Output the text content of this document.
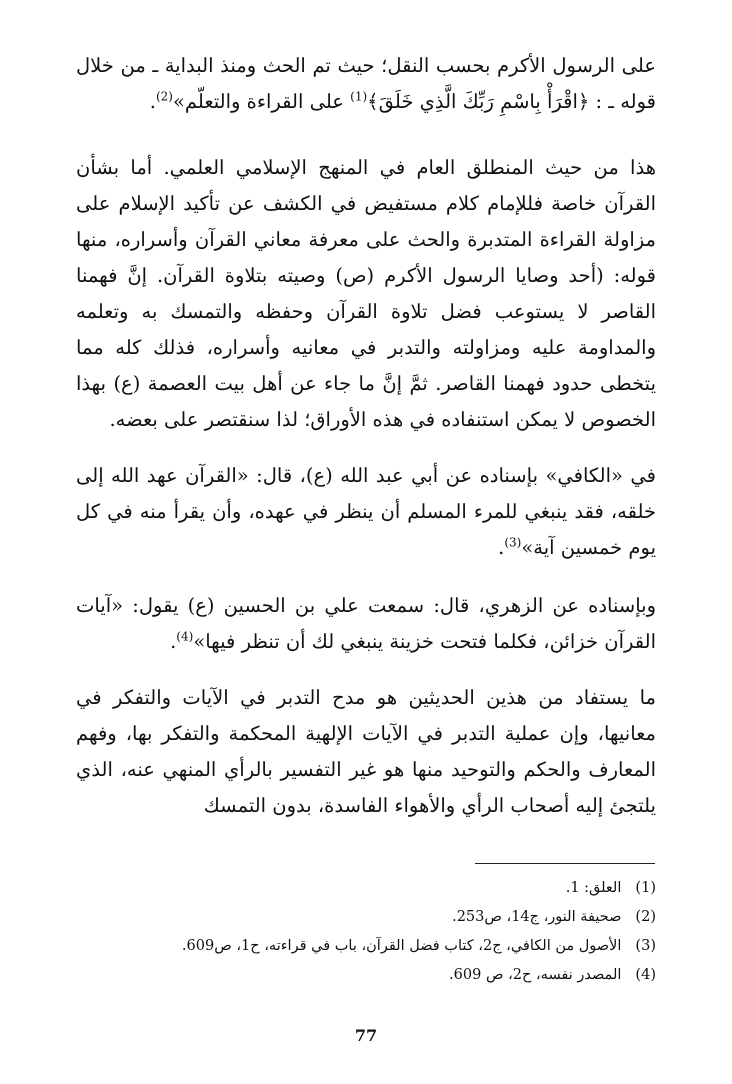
على الرسول الأكرم بحسب النقل؛ حيث تم الحث ومنذ البداية ـ من خلال قوله ـ : ﴿اقْرَأْ بِاسْمِ رَبِّكَ الَّذِي خَلَقَ﴾$^{(1)}$ على القراءة والتعلّم»$^{(2)}$.

هذا من حيث المنطلق العام في المنهج الإسلامي العلمي. أما بشأن القرآن خاصة فللإمام كلام مستفيض في الكشف عن تأكيد الإسلام على مزاولة القراءة المتدبرة والحث على معرفة معاني القرآن وأسراره، منها قوله: (أحد وصايا الرسول الأكرم (ص) وصيته بتلاوة القرآن. إنَّ فهمنا القاصر لا يستوعب فضل تلاوة القرآن وحفظه والتمسك به وتعلمه والمداومة عليه ومزاولته والتدبر في معانيه وأسراره، فذلك كله مما يتخطى حدود فهمنا القاصر. ثمَّ إنَّ ما جاء عن أهل بيت العصمة (ع) بهذا الخصوص لا يمكن استنفاده في هذه الأوراق؛ لذا سنقتصر على بعضه.

في «الكافي» بإسناده عن أبي عبد الله (ع)، قال: «القرآن عهد الله إلى خلقه، فقد ينبغي للمرء المسلم أن ينظر في عهده، وأن يقرأ منه في كل يوم خمسين آية»$^{(3)}$.

وبإسناده عن الزهري، قال: سمعت علي بن الحسين (ع) يقول: «آيات القرآن خزائن، فكلما فتحت خزينة ينبغي لك أن تنظر فيها»$^{(4)}$.

ما يستفاد من هذين الحديثين هو مدح التدبر في الآيات والتفكر في معانيها، وإن عملية التدبر في الآيات الإلهية المحكمة والتفكر بها، وفهم المعارف والحكم والتوحيد منها هو غير التفسير بالرأي المنهي عنه، الذي يلتجئ إليه أصحاب الرأي والأهواء الفاسدة، بدون التمسك

(1) العلق: 1.

(2) صحيفة النور، ج14، ص253.

(3) الأصول من الكافي، ج2، كتاب فضل القرآن، باب في قراءته، ح1، ص609.

(4) المصدر نفسه، ح2، ص 609.

77
